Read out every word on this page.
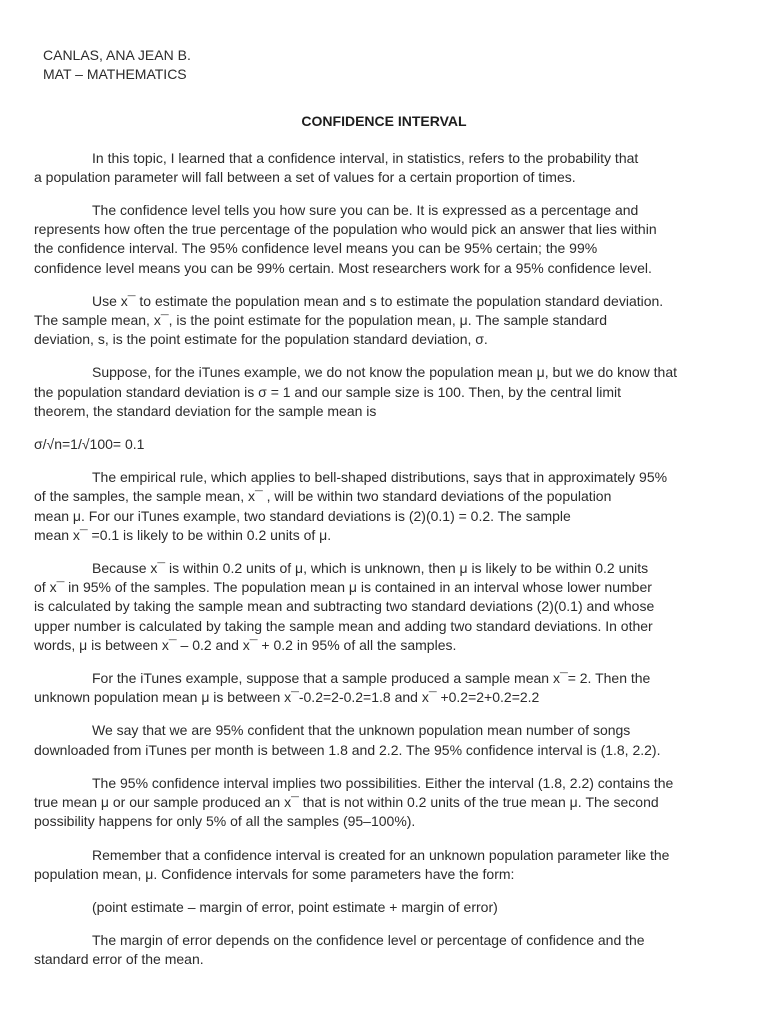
CANLAS, ANA JEAN B.
MAT – MATHEMATICS
CONFIDENCE INTERVAL
In this topic, I learned that a confidence interval, in statistics, refers to the probability that
a population parameter will fall between a set of values for a certain proportion of times.
The confidence level tells you how sure you can be. It is expressed as a percentage and
represents how often the true percentage of the population who would pick an answer that lies within
the confidence interval. The 95% confidence level means you can be 95% certain; the 99%
confidence level means you can be 99% certain. Most researchers work for a 95% confidence level.
Use x¯ to estimate the population mean and s to estimate the population standard deviation.
The sample mean, x¯, is the point estimate for the population mean, μ. The sample standard
deviation, s, is the point estimate for the population standard deviation, σ.
Suppose, for the iTunes example, we do not know the population mean μ, but we do know that
the population standard deviation is σ = 1 and our sample size is 100. Then, by the central limit
theorem, the standard deviation for the sample mean is
σ/√n=1/√100= 0.1
The empirical rule, which applies to bell-shaped distributions, says that in approximately 95%
of the samples, the sample mean, x¯ , will be within two standard deviations of the population
mean μ. For our iTunes example, two standard deviations is (2)(0.1) = 0.2. The sample
mean x¯ =0.1 is likely to be within 0.2 units of μ.
Because x¯ is within 0.2 units of μ, which is unknown, then μ is likely to be within 0.2 units
of x¯ in 95% of the samples. The population mean μ is contained in an interval whose lower number
is calculated by taking the sample mean and subtracting two standard deviations (2)(0.1) and whose
upper number is calculated by taking the sample mean and adding two standard deviations. In other
words, μ is between x¯ – 0.2 and x¯ + 0.2 in 95% of all the samples.
For the iTunes example, suppose that a sample produced a sample mean x¯= 2. Then the
unknown population mean μ is between x¯-0.2=2-0.2=1.8 and x¯ +0.2=2+0.2=2.2
We say that we are 95% confident that the unknown population mean number of songs
downloaded from iTunes per month is between 1.8 and 2.2. The 95% confidence interval is (1.8, 2.2).
The 95% confidence interval implies two possibilities. Either the interval (1.8, 2.2) contains the
true mean μ or our sample produced an x¯ that is not within 0.2 units of the true mean μ. The second
possibility happens for only 5% of all the samples (95–100%).
Remember that a confidence interval is created for an unknown population parameter like the
population mean, μ. Confidence intervals for some parameters have the form:
(point estimate – margin of error, point estimate + margin of error)
The margin of error depends on the confidence level or percentage of confidence and the
standard error of the mean.
